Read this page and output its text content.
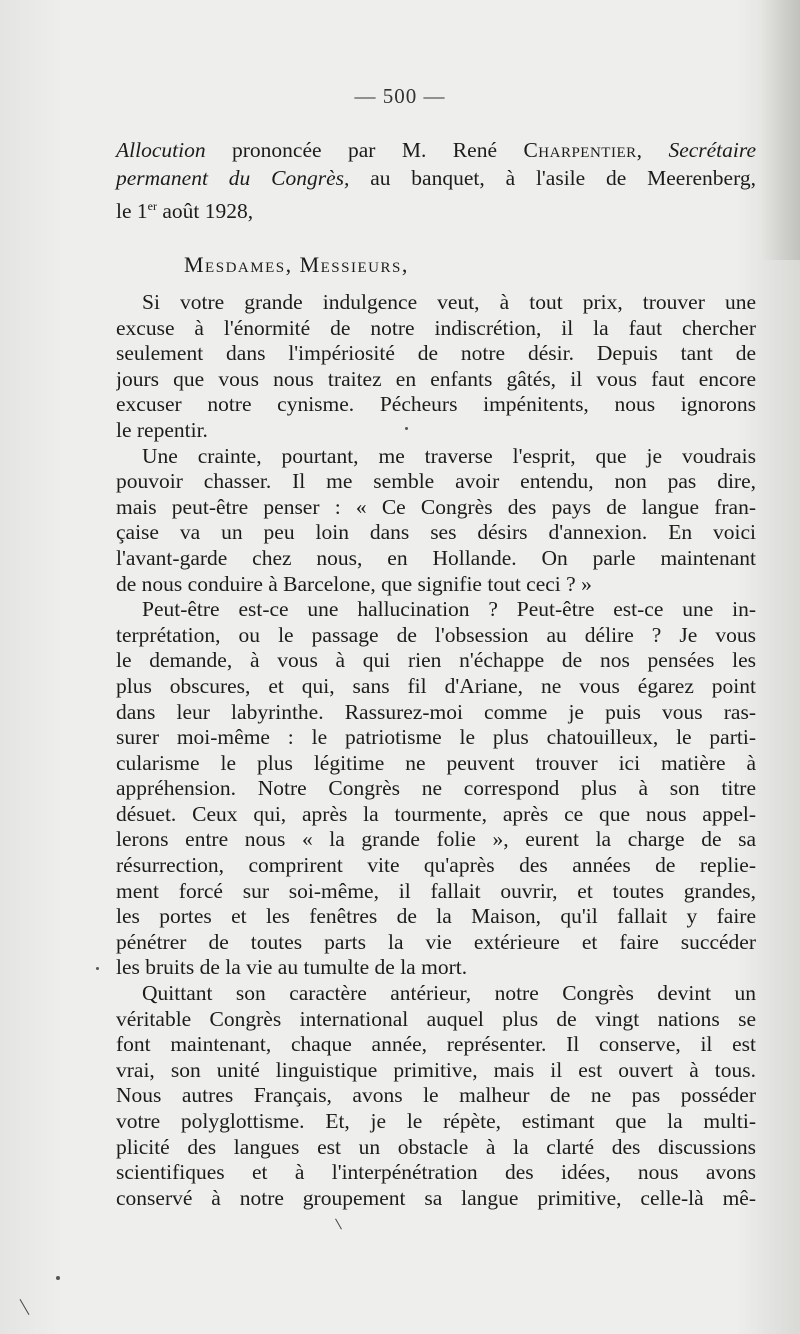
— 500 —
Allocution prononcée par M. René Charpentier, Secrétaire
permanent du Congrès, au banquet, à l'asile de Meerenberg,
le 1er août 1928,
Mesdames, Messieurs,
Si votre grande indulgence veut, à tout prix, trouver une
excuse à l'énormité de notre indiscrétion, il la faut chercher
seulement dans l'impériosité de notre désir. Depuis tant de
jours que vous nous traitez en enfants gâtés, il vous faut encore
excuser notre cynisme. Pécheurs impénitents, nous ignorons
le repentir.
Une crainte, pourtant, me traverse l'esprit, que je voudrais
pouvoir chasser. Il me semble avoir entendu, non pas dire,
mais peut-être penser : « Ce Congrès des pays de langue fran-
çaise va un peu loin dans ses désirs d'annexion. En voici
l'avant-garde chez nous, en Hollande. On parle maintenant
de nous conduire à Barcelone, que signifie tout ceci ? »
Peut-être est-ce une hallucination ? Peut-être est-ce une in-
terprétation, ou le passage de l'obsession au délire ? Je vous
le demande, à vous à qui rien n'échappe de nos pensées les
plus obscures, et qui, sans fil d'Ariane, ne vous égarez point
dans leur labyrinthe. Rassurez-moi comme je puis vous ras-
surer moi-même : le patriotisme le plus chatouilleux, le parti-
cularisme le plus légitime ne peuvent trouver ici matière à
appréhension. Notre Congrès ne correspond plus à son titre
désuet. Ceux qui, après la tourmente, après ce que nous appel-
lerons entre nous « la grande folie », eurent la charge de sa
résurrection, comprirent vite qu'après des années de replie-
ment forcé sur soi-même, il fallait ouvrir, et toutes grandes,
les portes et les fenêtres de la Maison, qu'il fallait y faire
pénétrer de toutes parts la vie extérieure et faire succéder
les bruits de la vie au tumulte de la mort.
Quittant son caractère antérieur, notre Congrès devint un
véritable Congrès international auquel plus de vingt nations se
font maintenant, chaque année, représenter. Il conserve, il est
vrai, son unité linguistique primitive, mais il est ouvert à tous.
Nous autres Français, avons le malheur de ne pas posséder
votre polyglottisme. Et, je le répète, estimant que la multi-
plicité des langues est un obstacle à la clarté des discussions
scientifiques et à l'interpénétration des idées, nous avons
conservé à notre groupement sa langue primitive, celle-là mê-
